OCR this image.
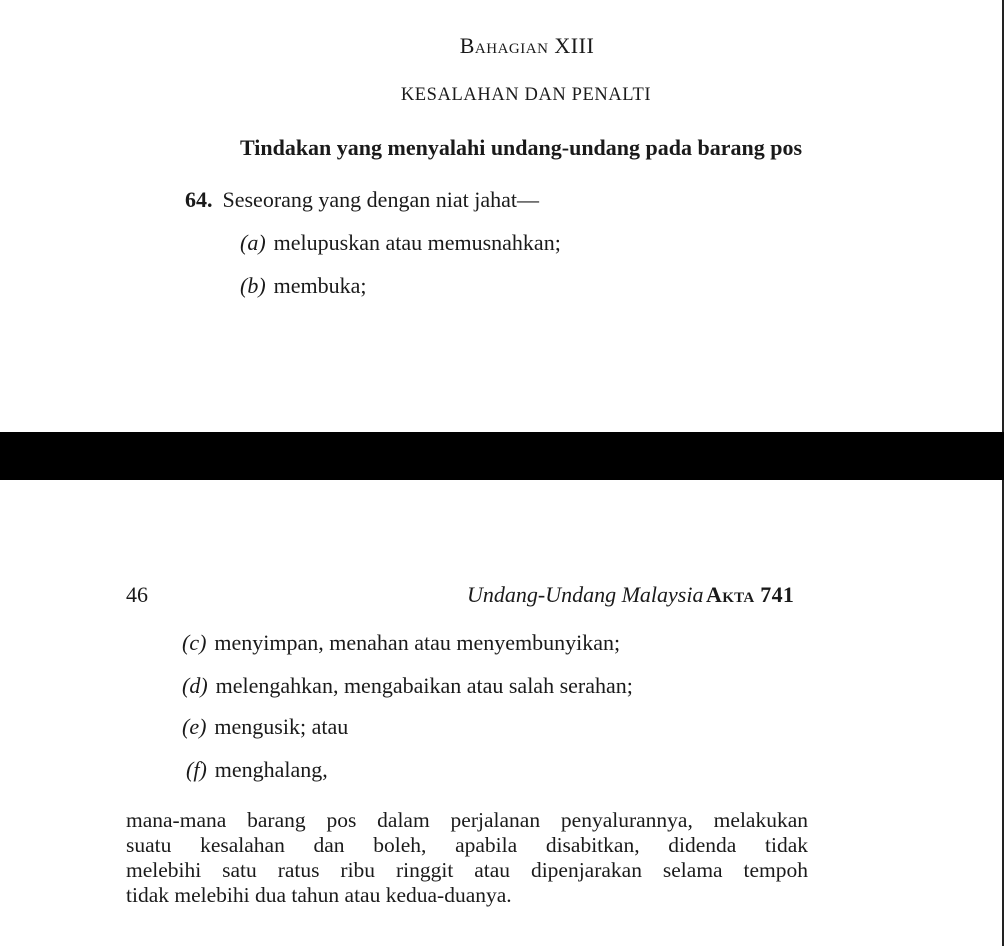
Bahagian XIII
KESALAHAN DAN PENALTI
Tindakan yang menyalahi undang-undang pada barang pos
64. Seseorang yang dengan niat jahat—
(a) melupuskan atau memusnahkan;
(b) membuka;
46	Undang-Undang Malaysia Akta 741
(c) menyimpan, menahan atau menyembunyikan;
(d) melengahkan, mengabaikan atau salah serahan;
(e) mengusik; atau
(f) menghalang,
mana-mana barang pos dalam perjalanan penyalurannya, melakukan
suatu kesalahan dan boleh, apabila disabitkan, didenda tidak
melebihi satu ratus ribu ringgit atau dipenjarakan selama tempoh
tidak melebihi dua tahun atau kedua-duanya.
